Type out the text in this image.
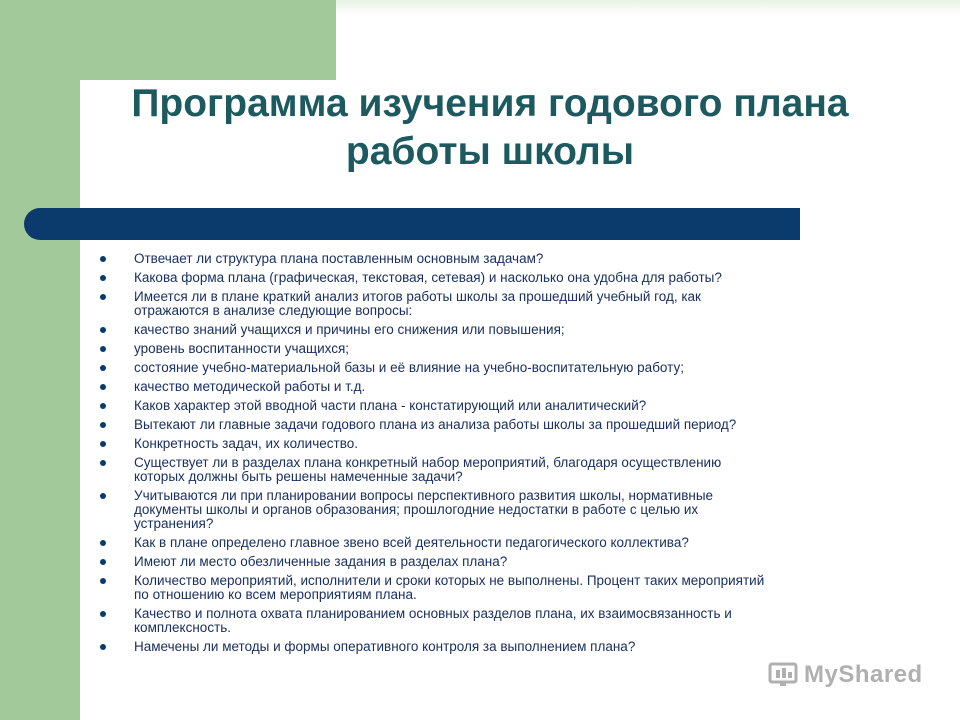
Программа изучения годового плана
работы школы
Отвечает ли структура плана поставленным основным задачам?
Какова форма плана (графическая, текстовая, сетевая) и насколько она удобна для работы?
Имеется ли в плане краткий анализ итогов работы школы за прошедший учебный год, как
отражаются в анализе следующие вопросы:
качество знаний учащихся и причины его снижения или повышения;
уровень воспитанности учащихся;
состояние учебно-материальной базы и её влияние на учебно-воспитательную работу;
качество методической работы и т.д.
Каков характер этой вводной части плана - констатирующий или аналитический?
Вытекают ли главные задачи годового плана из анализа работы школы за прошедший период?
Конкретность задач, их количество.
Существует ли в разделах плана конкретный набор мероприятий, благодаря осуществлению
которых должны быть решены намеченные задачи?
Учитываются ли при планировании вопросы перспективного развития школы, нормативные
документы школы и органов образования; прошлогодние недостатки в работе с целью их
устранения?
Как в плане определено главное звено всей деятельности педагогического коллектива?
Имеют ли место обезличенные задания в разделах плана?
Количество мероприятий, исполнители и сроки которых не выполнены. Процент таких мероприятий
по отношению ко всем мероприятиям плана.
Качество и полнота охвата планированием основных разделов плана, их взаимосвязанность и
комплексность.
Намечены ли методы и формы оперативного контроля за выполнением плана?
MyShared
